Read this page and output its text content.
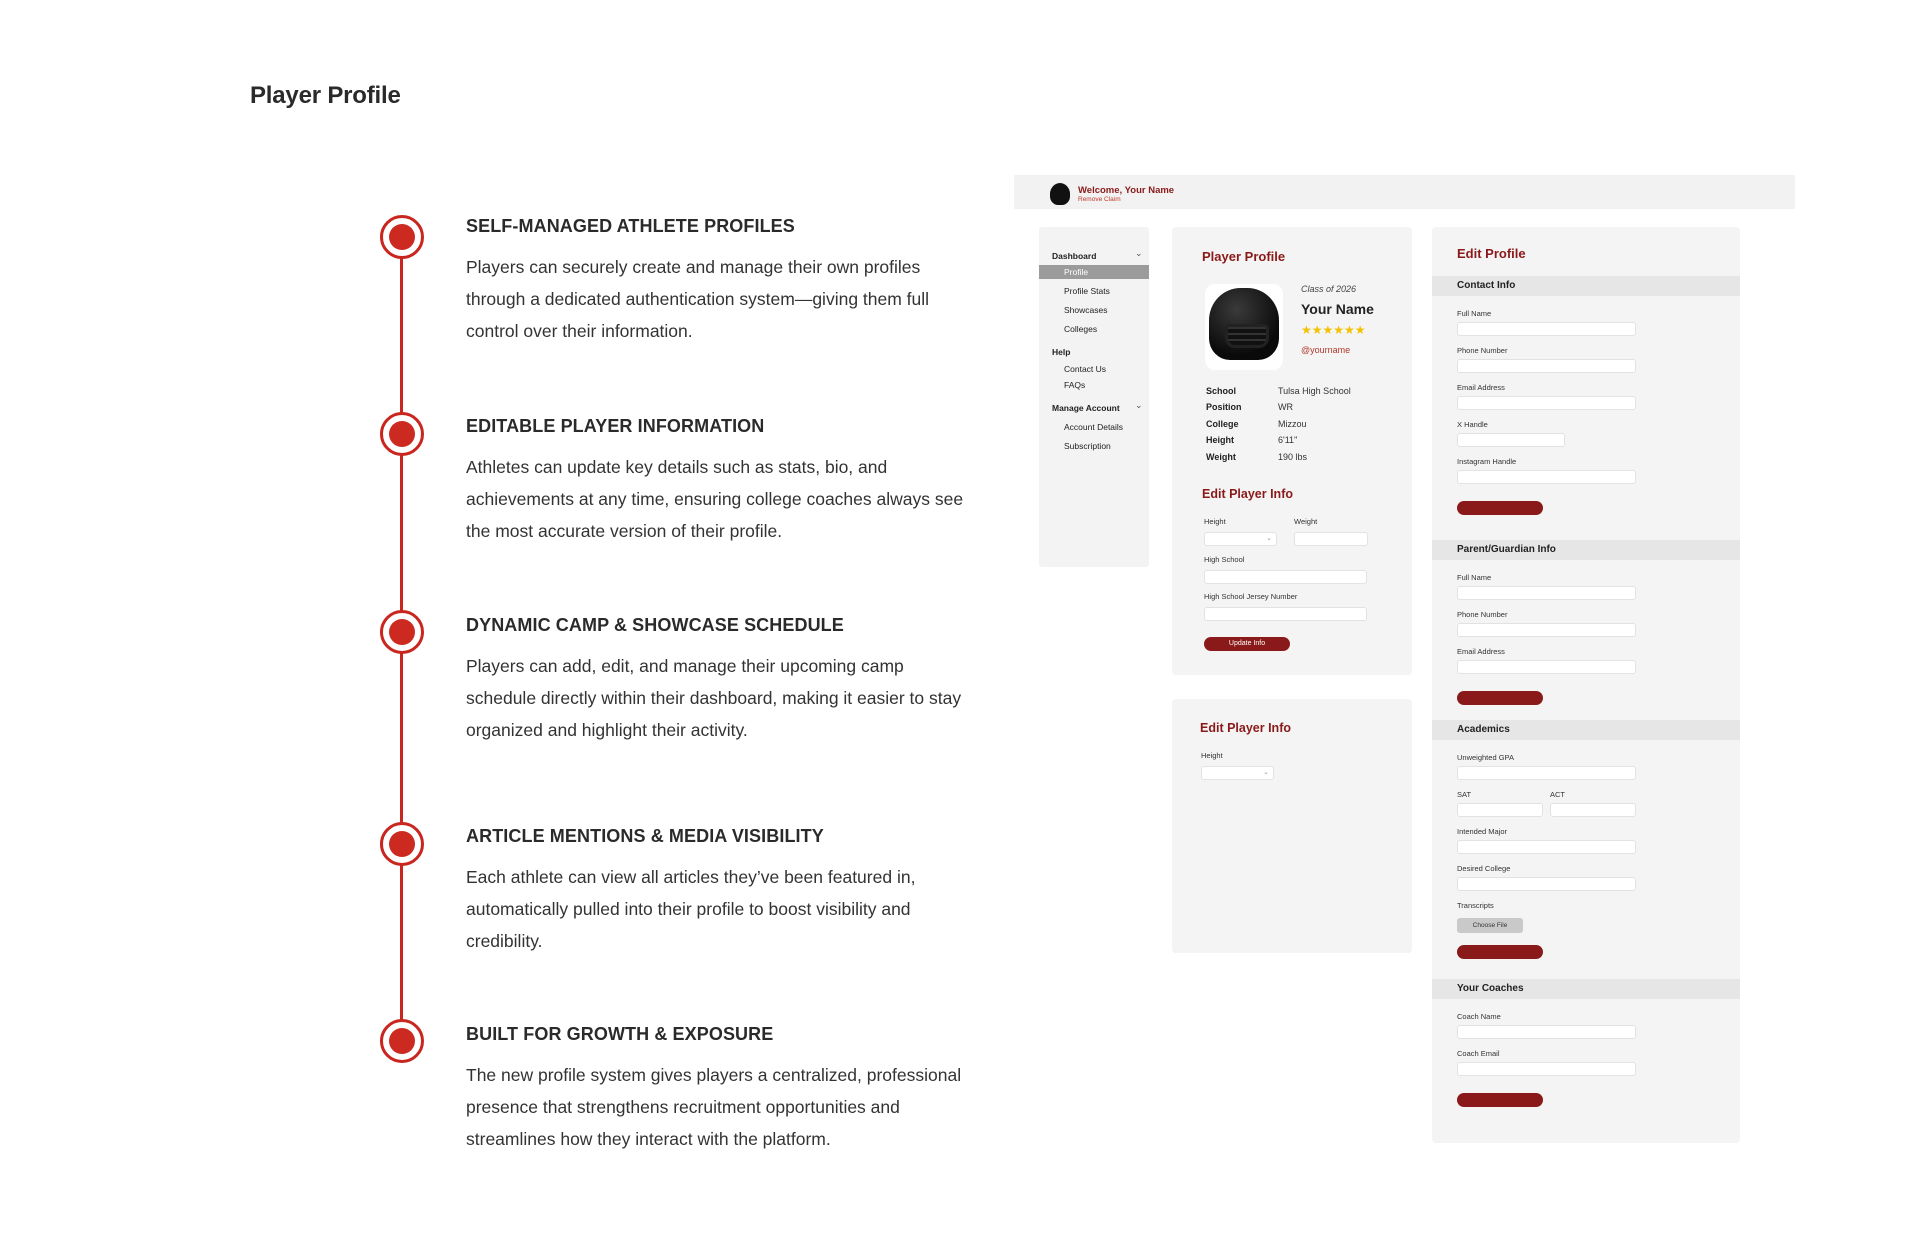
Player Profile
SELF-MANAGED ATHLETE PROFILES

Players can securely create and manage their own profiles through a dedicated authentication system—giving them full control over their information.

EDITABLE PLAYER INFORMATION

Athletes can update key details such as stats, bio, and achievements at any time, ensuring college coaches always see the most accurate version of their profile.

DYNAMIC CAMP & SHOWCASE SCHEDULE

Players can add, edit, and manage their upcoming camp schedule directly within their dashboard, making it easier to stay organized and highlight their activity.

ARTICLE MENTIONS & MEDIA VISIBILITY

Each athlete can view all articles they’ve been featured in, automatically pulled into their profile to boost visibility and credibility.

BUILT FOR GROWTH & EXPOSURE

The new profile system gives players a centralized, professional presence that strengthens recruitment opportunities and streamlines how they interact with the platform.

Welcome, Your Name
Remove Claim
Dashboard	⌄
Profile
Profile Stats
Showcases
Colleges
Help
Contact Us
FAQs
Manage Account ⌄
Account Details
Subscription
Player Profile
Class of 2026
Your Name
★★★★★★
@yourname
School	Tulsa High School
Position	WR
College	Mizzou
Height	6'11"
Weight	190 lbs
Edit Player Info
Height	Weight
⌄
High School
High School Jersey Number
Update Info
Edit Player Info
Height
⌄
Edit Profile
Contact Info
Full Name
Phone Number
Email Address
X Handle
Instagram Handle
Parent/Guardian Info
Full Name
Phone Number
Email Address
Academics
Unweighted GPA
SAT	ACT
Intended Major
Desired College
Transcripts
Choose File
Your Coaches
Coach Name
Coach Email
